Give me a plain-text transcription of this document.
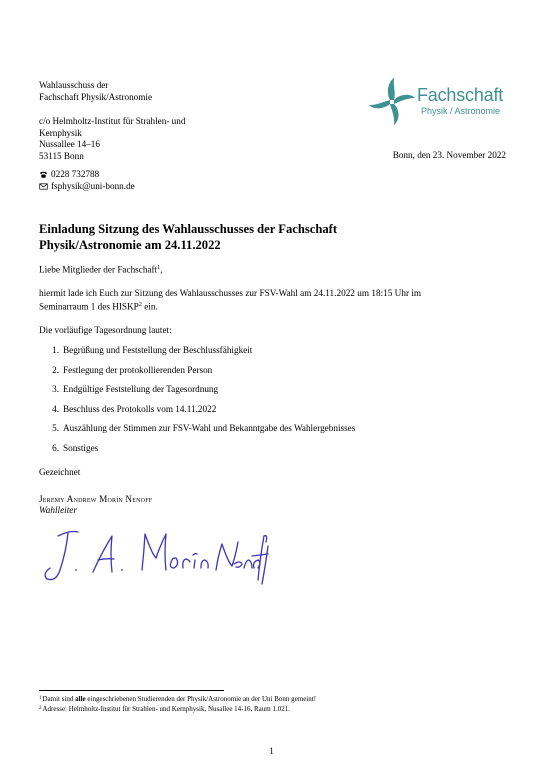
Wahlausschuss der
Fachschaft Physik/Astronomie
c/o Helmholtz-Institut für Strahlen- und
Kernphysik
Nussallee 14–16
53115 Bonn
0228 732788
fsphysik@uni-bonn.de
Fachschaft
Physik / Astronomie
Bonn, den 23. November 2022
Einladung Sitzung des Wahlausschusses der Fachschaft
Physik/Astronomie am 24.11.2022
Liebe Mitglieder der Fachschaft$^1$,
hiermit lade ich Euch zur Sitzung des Wahlausschusses zur FSV-Wahl am 24.11.2022 um 18:15 Uhr im
Seminarraum 1 des HISKP$^2$ ein.
Die vorläufige Tagesordnung lautet:
1. Begrüßung und Feststellung der Beschlussfähigkeit
2. Festlegung der protokollierenden Person
3. Endgültige Feststellung der Tagesordnung
4. Beschluss des Protokolls vom 14.11.2022
5. Auszählung der Stimmen zur FSV-Wahl und Bekanntgabe des Wahlergebnisses
6. Sonstiges
Gezeichnet
Jeremy Andrew Morín Nenoff
Wahlleiter
$^1$Damit sind alle eingeschriebenen Studierenden der Physik/Astronomie an der Uni Bonn gemeint!
$^2$Adresse: Helmholtz-Institut für Strahlen- und Kernphysik, Nusallee 14-16, Raum 1.021.
1
